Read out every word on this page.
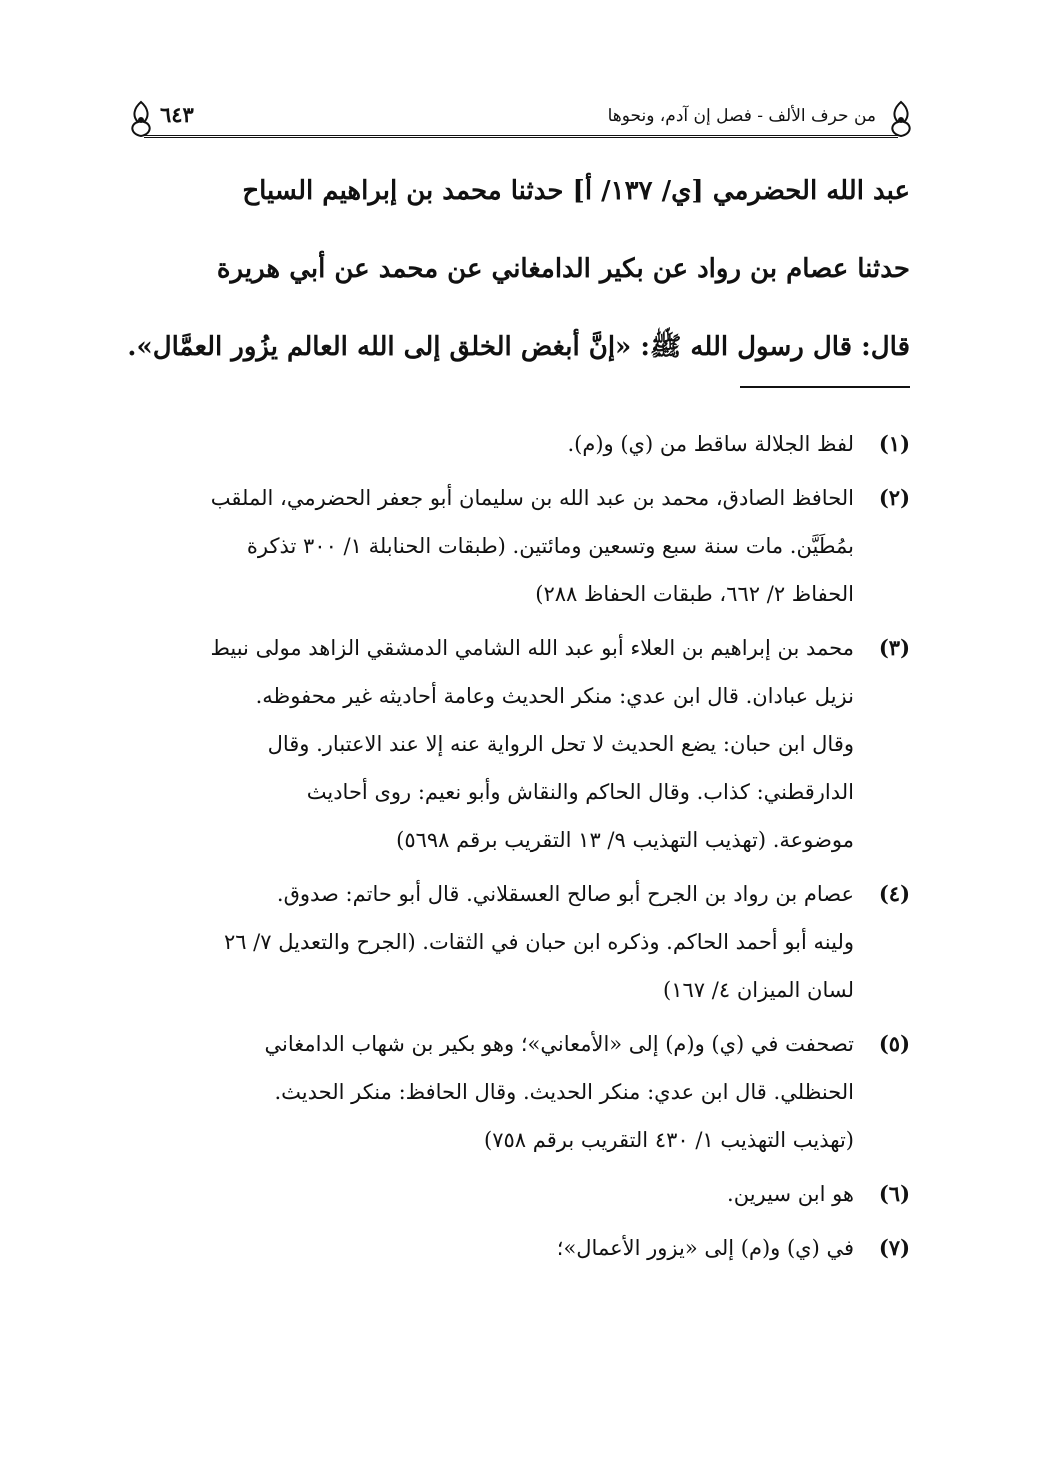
من حرف الألف - فصل إن آدم، ونحوها
٦٤٣

عبد الله الحضرمي [ي/ ١٣٧/ أ] حدثنا محمد بن إبراهيم السياح

حدثنا عصام بن رواد عن بكير الدامغاني عن محمد عن أبي هريرة

قال: قال رسول الله ﷺ: «إنَّ أبغض الخلق إلى الله العالم يزُور العمَّال».

(١)
لفظ الجلالة ساقط من (ي) و(م).
(٢)
الحافظ الصادق، محمد بن عبد الله بن سليمان أبو جعفر الحضرمي، الملقب
بمُطَيَّن. مات سنة سبع وتسعين ومائتين. (طبقات الحنابلة ١/ ٣٠٠ تذكرة
الحفاظ ٢/ ٦٦٢، طبقات الحفاظ ٢٨٨)
(٣)
محمد بن إبراهيم بن العلاء أبو عبد الله الشامي الدمشقي الزاهد مولى نبيط
نزيل عبادان. قال ابن عدي: منكر الحديث وعامة أحاديثه غير محفوظه.
وقال ابن حبان: يضع الحديث لا تحل الرواية عنه إلا عند الاعتبار. وقال
الدارقطني: كذاب. وقال الحاكم والنقاش وأبو نعيم: روى أحاديث
موضوعة. (تهذيب التهذيب ٩/ ١٣ التقريب برقم ٥٦٩٨)
(٤)
عصام بن رواد بن الجرح أبو صالح العسقلاني. قال أبو حاتم: صدوق.
ولينه أبو أحمد الحاكم. وذكره ابن حبان في الثقات. (الجرح والتعديل ٧/ ٢٦
لسان الميزان ٤/ ١٦٧)
(٥)
تصحفت في (ي) و(م) إلى «الأمعاني»؛ وهو بكير بن شهاب الدامغاني
الحنظلي. قال ابن عدي: منكر الحديث. وقال الحافظ: منكر الحديث.
(تهذيب التهذيب ١/ ٤٣٠ التقريب برقم ٧٥٨)
(٦)
هو ابن سيرين.
(٧)
في (ي) و(م) إلى «يزور الأعمال»؛
